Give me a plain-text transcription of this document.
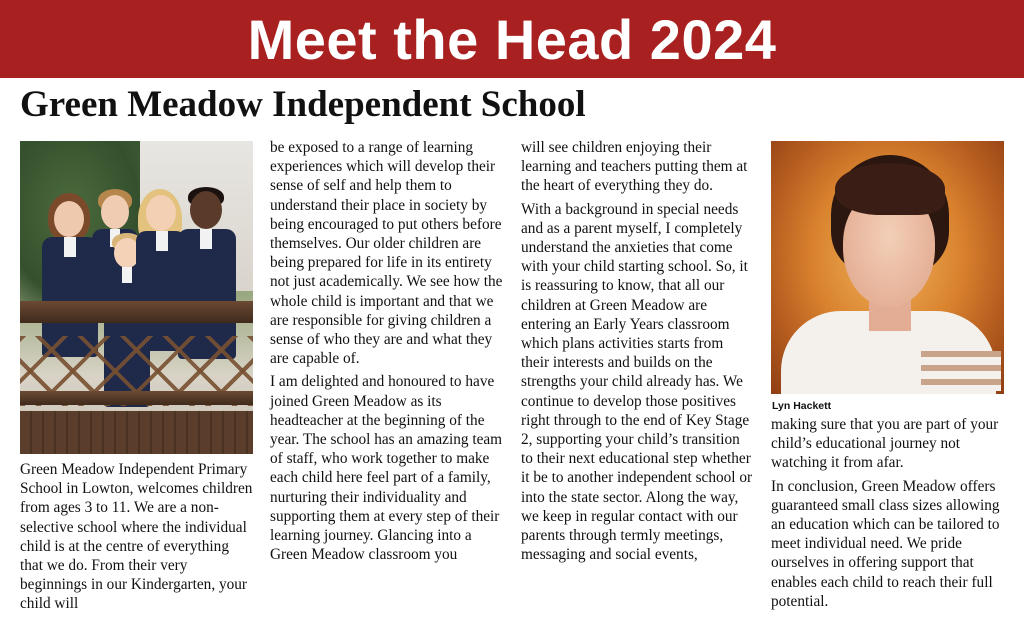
Meet the Head 2024
Green Meadow Independent School

Green Meadow Independent Primary School in Lowton, welcomes children from ages 3 to 11. We are a non-selective school where the individual child is at the centre of everything that we do. From their very beginnings in our Kindergarten, your child will

be exposed to a range of learning experiences which will develop their sense of self and help them to understand their place in society by being encouraged to put others before themselves. Our older children are being prepared for life in its entirety not just academically. We see how the whole child is important and that we are responsible for giving children a sense of who they are and what they are capable of.

I am delighted and honoured to have joined Green Meadow as its headteacher at the beginning of the year. The school has an amazing team of staff, who work together to make each child here feel part of a family, nurturing their individuality and supporting them at every step of their learning journey. Glancing into a Green Meadow classroom you

will see children enjoying their learning and teachers putting them at the heart of everything they do.

With a background in special needs and as a parent myself, I completely understand the anxieties that come with your child starting school. So, it is reassuring to know, that all our children at Green Meadow are entering an Early Years classroom which plans activities starts from their interests and builds on the strengths your child already has. We continue to develop those positives right through to the end of Key Stage 2, supporting your child’s transition to their next educational step whether it be to another independent school or into the state sector. Along the way, we keep in regular contact with our parents through termly meetings, messaging and social events,

Lyn Hackett

making sure that you are part of your child’s educational journey not watching it from afar.

In conclusion, Green Meadow offers guaranteed small class sizes allowing an education which can be tailored to meet individual need. We pride ourselves in offering support that enables each child to reach their full potential.
